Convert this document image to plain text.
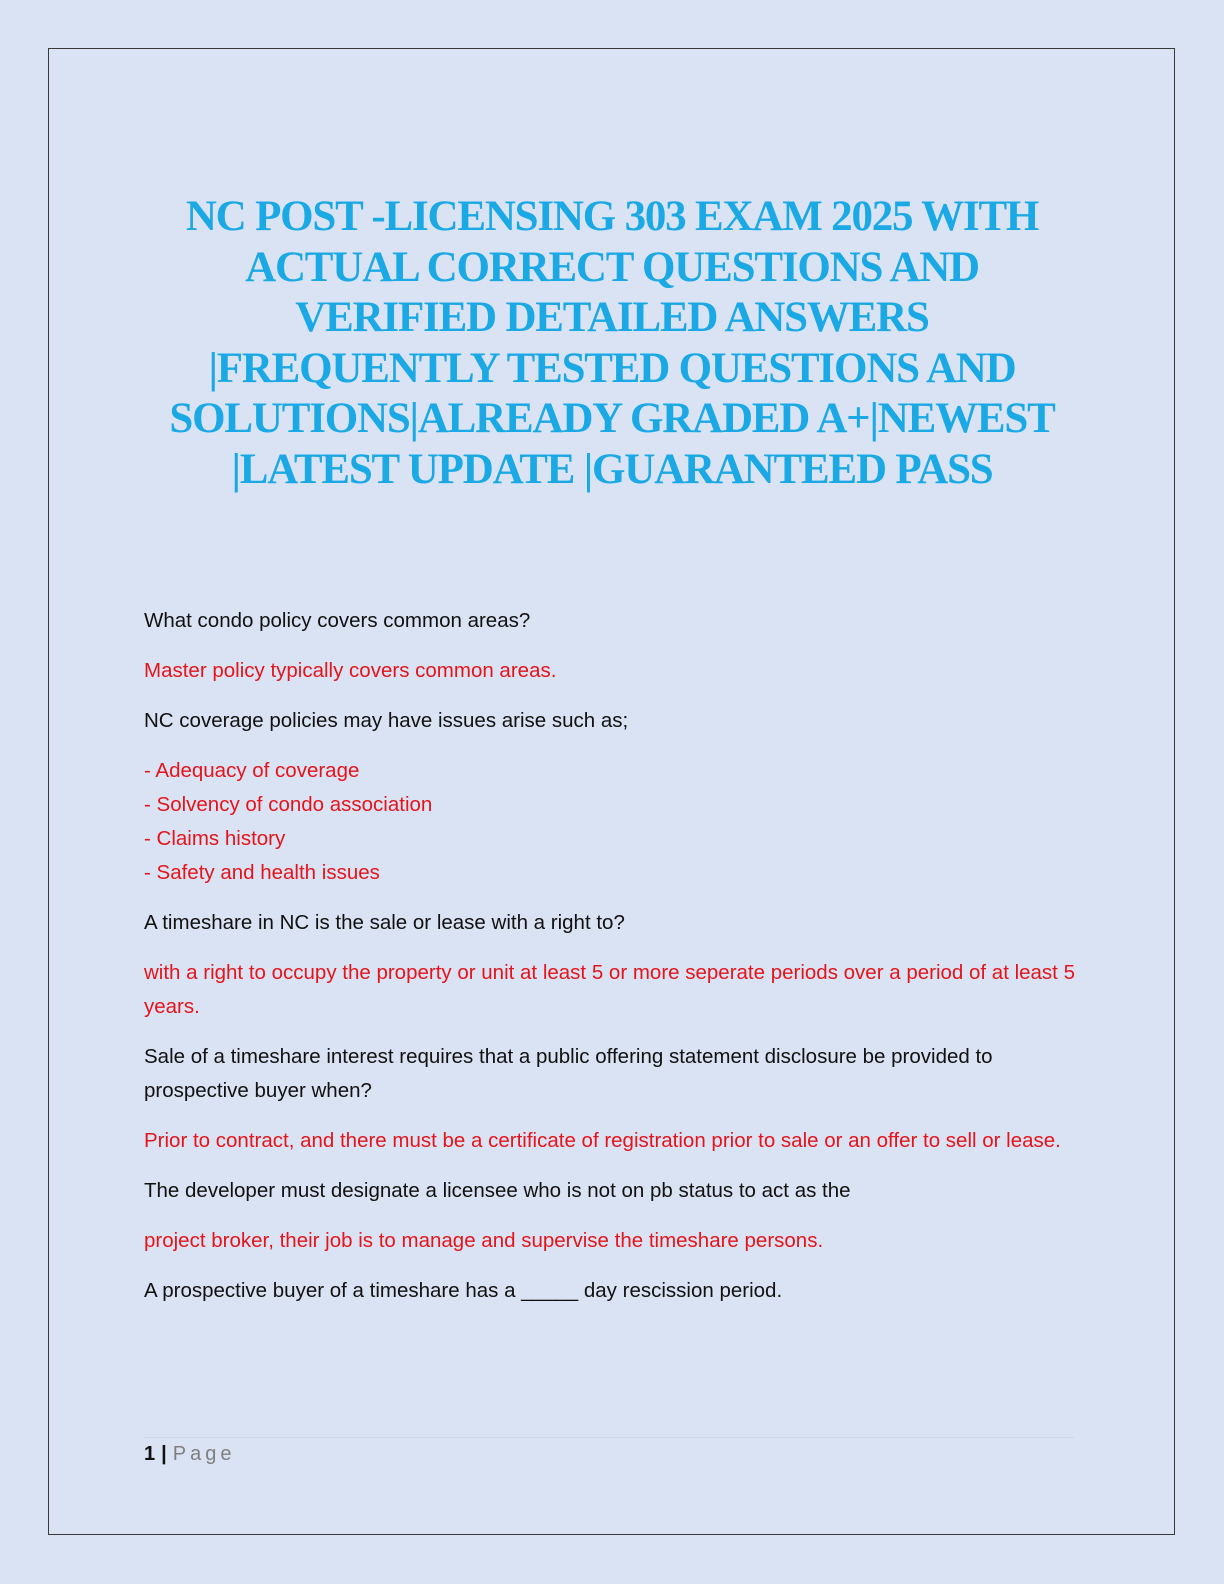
NC POST -LICENSING 303 EXAM 2025 WITH
ACTUAL CORRECT QUESTIONS AND
VERIFIED DETAILED ANSWERS
|FREQUENTLY TESTED QUESTIONS AND
SOLUTIONS|ALREADY GRADED A+|NEWEST
|LATEST UPDATE |GUARANTEED PASS

What condo policy covers common areas?

Master policy typically covers common areas.

NC coverage policies may have issues arise such as;

- Adequacy of coverage
- Solvency of condo association
- Claims history
- Safety and health issues

A timeshare in NC is the sale or lease with a right to?

with a right to occupy the property or unit at least 5 or more seperate periods over a period of at least 5 years.

Sale of a timeshare interest requires that a public offering statement disclosure be provided to prospective buyer when?

Prior to contract, and there must be a certificate of registration prior to sale or an offer to sell or lease.

The developer must designate a licensee who is not on pb status to act as the

project broker, their job is to manage and supervise the timeshare persons.

A prospective buyer of a timeshare has a _____ day rescission period.

1 | Page
